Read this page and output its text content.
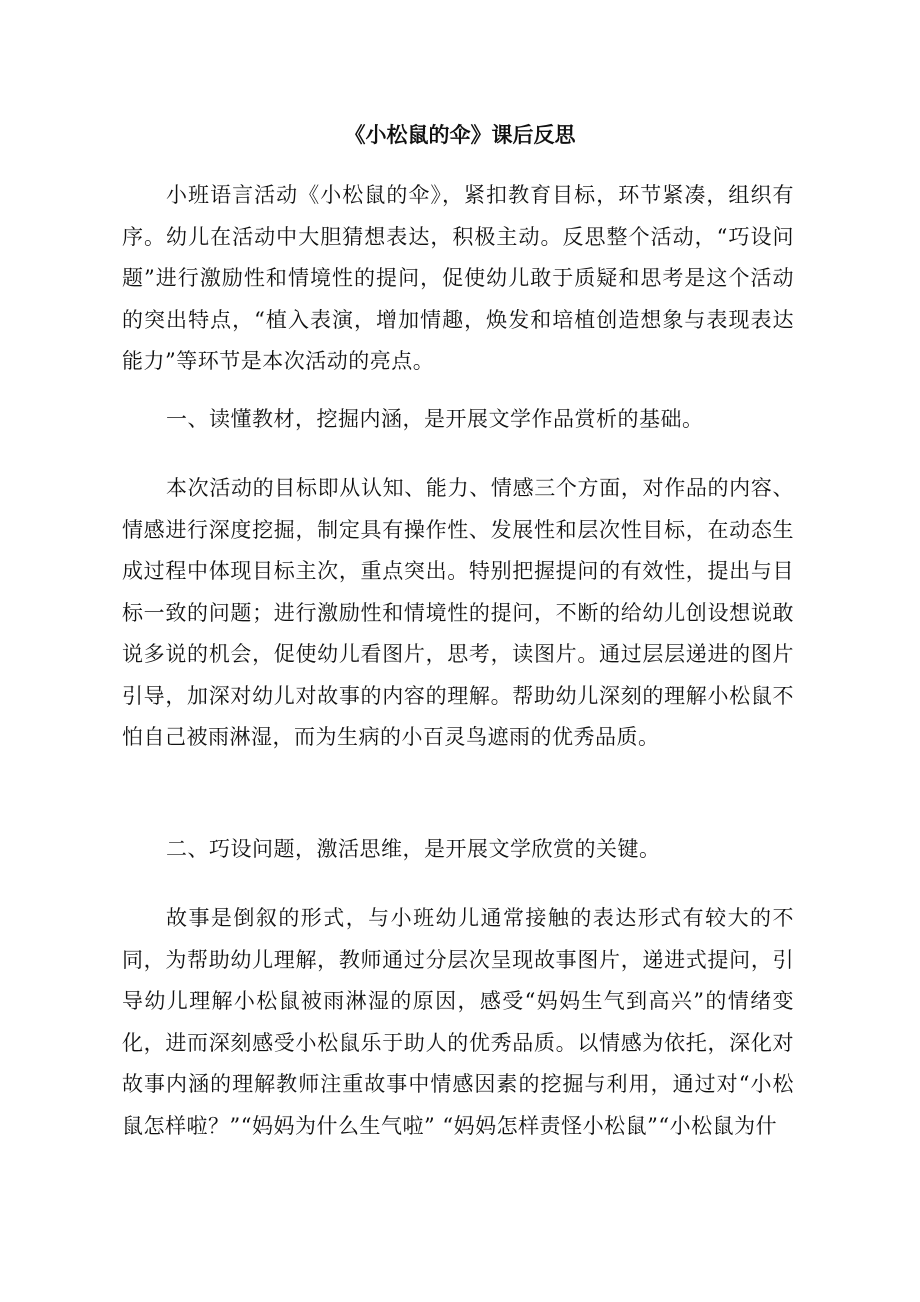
《小松鼠的伞》课后反思
小班语言活动《小松鼠的伞》，紧扣教育目标，环节紧凑，组织有序。幼儿在活动中大胆猜想表达，积极主动。反思整个活动，“巧设问题”进行激励性和情境性的提问，促使幼儿敢于质疑和思考是这个活动的突出特点，“植入表演，增加情趣，焕发和培植创造想象与表现表达能力”等环节是本次活动的亮点。
一、读懂教材，挖掘内涵，是开展文学作品赏析的基础。
本次活动的目标即从认知、能力、情感三个方面，对作品的内容、情感进行深度挖掘，制定具有操作性、发展性和层次性目标，在动态生成过程中体现目标主次，重点突出。特别把握提问的有效性，提出与目标一致的问题；进行激励性和情境性的提问，不断的给幼儿创设想说敢说多说的机会，促使幼儿看图片，思考，读图片。通过层层递进的图片引导，加深对幼儿对故事的内容的理解。帮助幼儿深刻的理解小松鼠不怕自己被雨淋湿，而为生病的小百灵鸟遮雨的优秀品质。
二、巧设问题，激活思维，是开展文学欣赏的关键。
故事是倒叙的形式，与小班幼儿通常接触的表达形式有较大的不同，为帮助幼儿理解，教师通过分层次呈现故事图片，递进式提问，引导幼儿理解小松鼠被雨淋湿的原因，感受“妈妈生气到高兴”的情绪变化，进而深刻感受小松鼠乐于助人的优秀品质。以情感为依托，深化对故事内涵的理解教师注重故事中情感因素的挖掘与利用，通过对“小松鼠怎样啦？”“妈妈为什么生气啦” “妈妈怎样责怪小松鼠”“小松鼠为什
